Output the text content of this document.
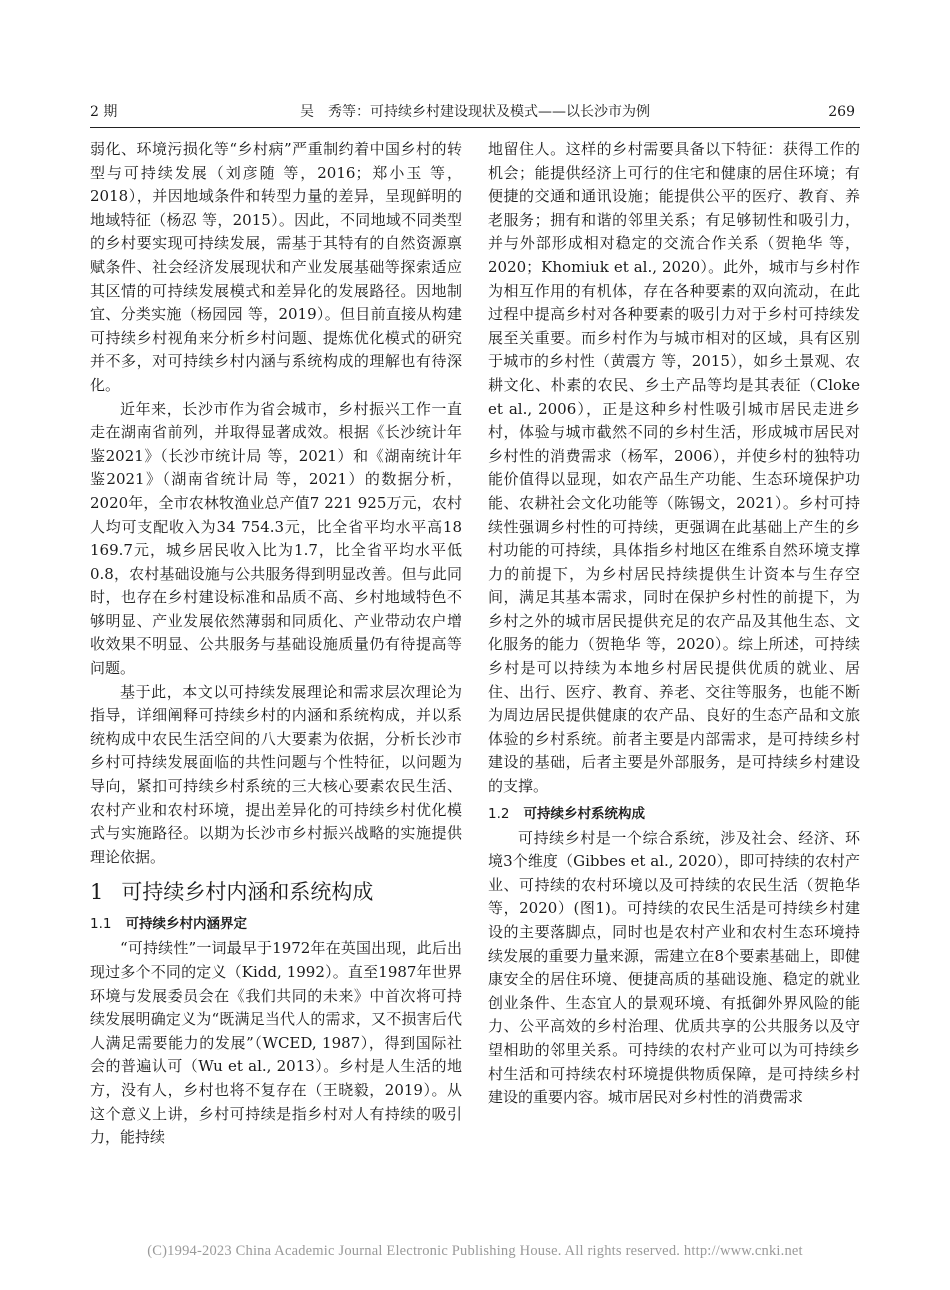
2 期	吴　秀等：可持续乡村建设现状及模式——以长沙市为例	269

弱化、环境污损化等“乡村病”严重制约着中国乡村的转型与可持续发展（刘彦随 等，2016；郑小玉 等，2018），并因地域条件和转型力量的差异，呈现鲜明的地域特征（杨忍 等，2015）。因此，不同地域不同类型的乡村要实现可持续发展，需基于其特有的自然资源禀赋条件、社会经济发展现状和产业发展基础等探索适应其区情的可持续发展模式和差异化的发展路径。因地制宜、分类实施（杨园园 等，2019）。但目前直接从构建可持续乡村视角来分析乡村问题、提炼优化模式的研究并不多，对可持续乡村内涵与系统构成的理解也有待深化。

近年来，长沙市作为省会城市，乡村振兴工作一直走在湖南省前列，并取得显著成效。根据《长沙统计年鉴2021》（长沙市统计局 等，2021）和《湖南统计年鉴2021》（湖南省统计局 等，2021）的数据分析，2020年，全市农林牧渔业总产值7 221 925万元，农村人均可支配收入为34 754.3元，比全省平均水平高18 169.7元，城乡居民收入比为1.7，比全省平均水平低0.8，农村基础设施与公共服务得到明显改善。但与此同时，也存在乡村建设标准和品质不高、乡村地域特色不够明显、产业发展依然薄弱和同质化、产业带动农户增收效果不明显、公共服务与基础设施质量仍有待提高等问题。

基于此，本文以可持续发展理论和需求层次理论为指导，详细阐释可持续乡村的内涵和系统构成，并以系统构成中农民生活空间的八大要素为依据，分析长沙市乡村可持续发展面临的共性问题与个性特征，以问题为导向，紧扣可持续乡村系统的三大核心要素农民生活、农村产业和农村环境，提出差异化的可持续乡村优化模式与实施路径。以期为长沙市乡村振兴战略的实施提供理论依据。

1 可持续乡村内涵和系统构成
1.1 可持续乡村内涵界定

“可持续性”一词最早于1972年在英国出现，此后出现过多个不同的定义（Kidd, 1992）。直至1987年世界环境与发展委员会在《我们共同的未来》中首次将可持续发展明确定义为“既满足当代人的需求，又不损害后代人满足需要能力的发展”（WCED, 1987），得到国际社会的普遍认可（Wu et al., 2013）。乡村是人生活的地方，没有人，乡村也将不复存在（王晓毅，2019）。从这个意义上讲，乡村可持续是指乡村对人有持续的吸引力，能持续

地留住人。这样的乡村需要具备以下特征：获得工作的机会；能提供经济上可行的住宅和健康的居住环境；有便捷的交通和通讯设施；能提供公平的医疗、教育、养老服务；拥有和谐的邻里关系；有足够韧性和吸引力，并与外部形成相对稳定的交流合作关系（贺艳华 等，2020；Khomiuk et al., 2020）。此外，城市与乡村作为相互作用的有机体，存在各种要素的双向流动，在此过程中提高乡村对各种要素的吸引力对于乡村可持续发展至关重要。而乡村作为与城市相对的区域，具有区别于城市的乡村性（黄震方 等，2015），如乡土景观、农耕文化、朴素的农民、乡土产品等均是其表征（Cloke et al., 2006），正是这种乡村性吸引城市居民走进乡村，体验与城市截然不同的乡村生活，形成城市居民对乡村性的消费需求（杨军，2006），并使乡村的独特功能价值得以显现，如农产品生产功能、生态环境保护功能、农耕社会文化功能等（陈锡文，2021）。乡村可持续性强调乡村性的可持续，更强调在此基础上产生的乡村功能的可持续，具体指乡村地区在维系自然环境支撑力的前提下，为乡村居民持续提供生计资本与生存空间，满足其基本需求，同时在保护乡村性的前提下，为乡村之外的城市居民提供充足的农产品及其他生态、文化服务的能力（贺艳华 等，2020）。综上所述，可持续乡村是可以持续为本地乡村居民提供优质的就业、居住、出行、医疗、教育、养老、交往等服务，也能不断为周边居民提供健康的农产品、良好的生态产品和文旅体验的乡村系统。前者主要是内部需求，是可持续乡村建设的基础，后者主要是外部服务，是可持续乡村建设的支撑。

1.2 可持续乡村系统构成

可持续乡村是一个综合系统，涉及社会、经济、环境3个维度（Gibbes et al., 2020），即可持续的农村产业、可持续的农村环境以及可持续的农民生活（贺艳华 等，2020）(图1)。可持续的农民生活是可持续乡村建设的主要落脚点，同时也是农村产业和农村生态环境持续发展的重要力量来源，需建立在8个要素基础上，即健康安全的居住环境、便捷高质的基础设施、稳定的就业创业条件、生态宜人的景观环境、有抵御外界风险的能力、公平高效的乡村治理、优质共享的公共服务以及守望相助的邻里关系。可持续的农村产业可以为可持续乡村生活和可持续农村环境提供物质保障，是可持续乡村建设的重要内容。城市居民对乡村性的消费需求

(C)1994-2023 China Academic Journal Electronic Publishing House. All rights reserved. http://www.cnki.net
